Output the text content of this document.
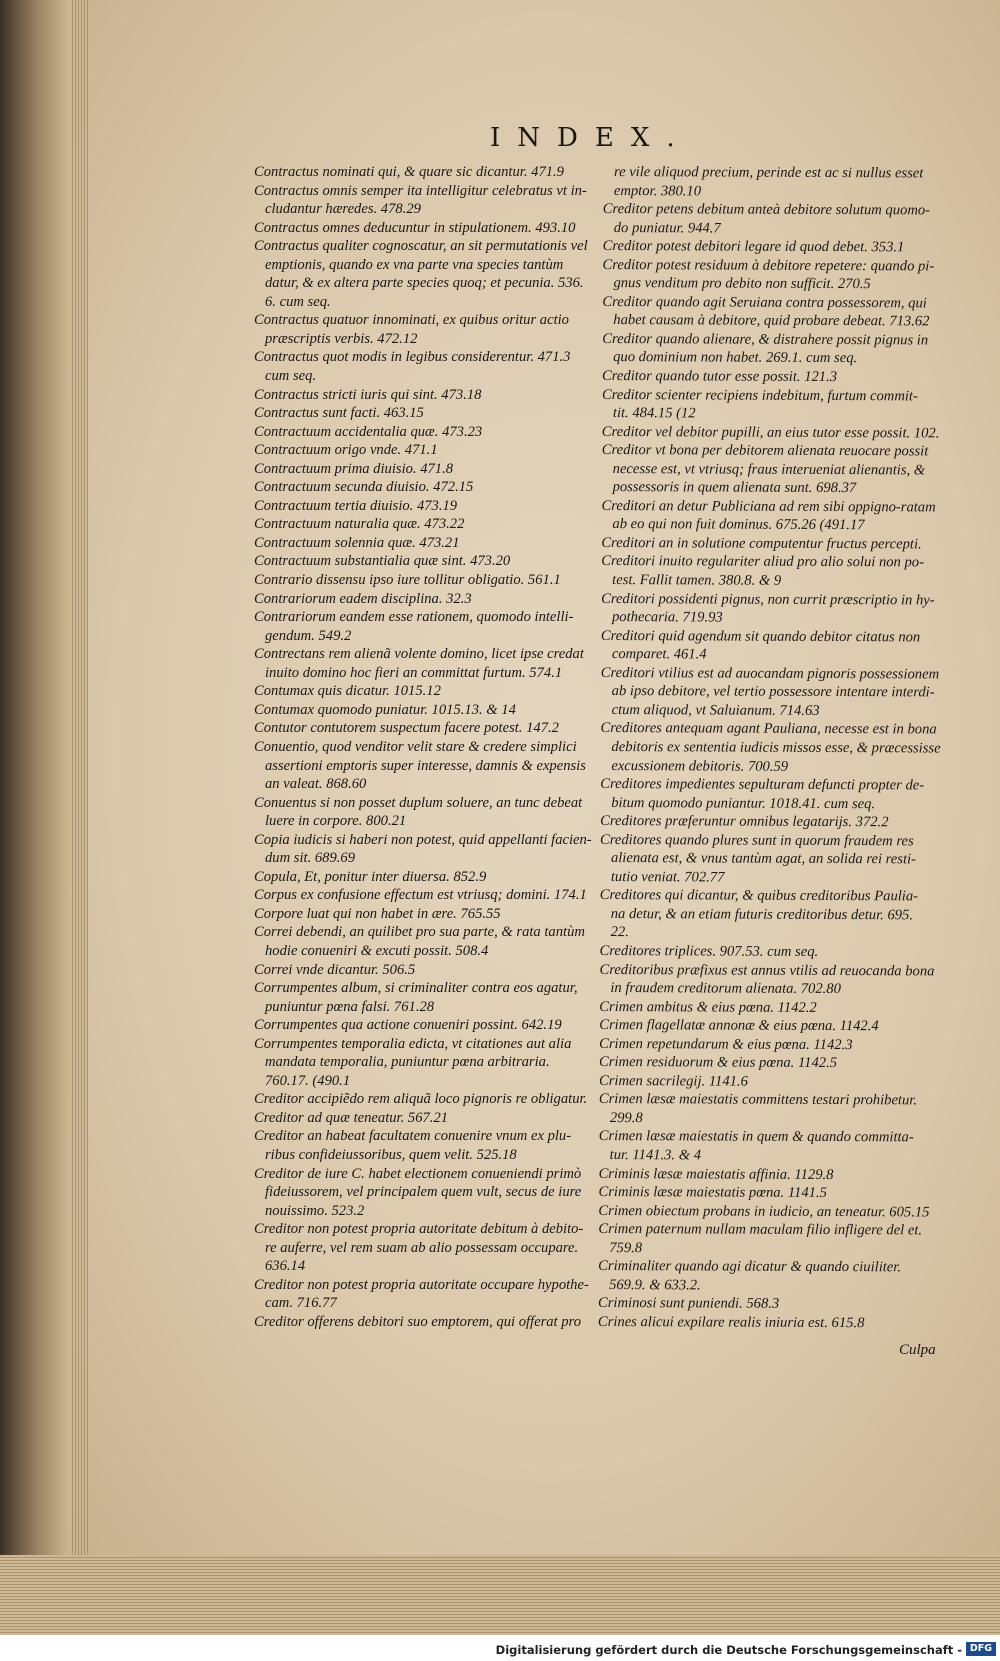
INDEX.
Contractus nominati qui, & quare sic dicantur. 471.9
Contractus omnis semper ita intelligitur celebratus vt in-
cludantur hæredes. 478.29
Contractus omnes deducuntur in stipulationem. 493.10
Contractus qualiter cognoscatur, an sit permutationis vel
emptionis, quando ex vna parte vna species tantùm
datur, & ex altera parte species quoq; et pecunia. 536.
6. cum seq.
Contractus quatuor innominati, ex quibus oritur actio
præscriptis verbis. 472.12
Contractus quot modis in legibus considerentur. 471.3
cum seq.
Contractus stricti iuris qui sint. 473.18
Contractus sunt facti. 463.15
Contractuum accidentalia quæ. 473.23
Contractuum origo vnde. 471.1
Contractuum prima diuisio. 471.8
Contractuum secunda diuisio. 472.15
Contractuum tertia diuisio. 473.19
Contractuum naturalia quæ. 473.22
Contractuum solennia quæ. 473.21
Contractuum substantialia quæ sint. 473.20
Contrario dissensu ipso iure tollitur obligatio. 561.1
Contrariorum eadem disciplina. 32.3
Contrariorum eandem esse rationem, quomodo intelli-
gendum. 549.2
Contrectans rem alienã volente domino, licet ipse credat
inuito domino hoc fieri an committat furtum. 574.1
Contumax quis dicatur. 1015.12
Contumax quomodo puniatur. 1015.13. & 14
Contutor contutorem suspectum facere potest. 147.2
Conuentio, quod venditor velit stare & credere simplici
assertioni emptoris super interesse, damnis & expensis
an valeat. 868.60
Conuentus si non posset duplum soluere, an tunc debeat
luere in corpore. 800.21
Copia iudicis si haberi non potest, quid appellanti facien-
dum sit. 689.69
Copula, Et, ponitur inter diuersa. 852.9
Corpus ex confusione effectum est vtriusq; domini. 174.1
Corpore luat qui non habet in ære. 765.55
Correi debendi, an quilibet pro sua parte, & rata tantùm
hodie conueniri & excuti possit. 508.4
Correi vnde dicantur. 506.5
Corrumpentes album, si criminaliter contra eos agatur,
puniuntur pœna falsi. 761.28
Corrumpentes qua actione conueniri possint. 642.19
Corrumpentes temporalia edicta, vt citationes aut alia
mandata temporalia, puniuntur pœna arbitraria.
760.17. (490.1
Creditor accipiẽdo rem aliquã loco pignoris re obligatur.
Creditor ad quæ teneatur. 567.21
Creditor an habeat facultatem conuenire vnum ex plu-
ribus confideiussoribus, quem velit. 525.18
Creditor de iure C. habet electionem conueniendi primò
fideiussorem, vel principalem quem vult, secus de iure
nouissimo. 523.2
Creditor non potest propria autoritate debitum à debito-
re auferre, vel rem suam ab alio possessam occupare.
636.14
Creditor non potest propria autoritate occupare hypothe-
cam. 716.77
Creditor offerens debitori suo emptorem, qui offerat pro
re vile aliquod precium, perinde est ac si nullus esset
emptor. 380.10
Creditor petens debitum anteà debitore solutum quomo-
do puniatur. 944.7
Creditor potest debitori legare id quod debet. 353.1
Creditor potest residuum à debitore repetere: quando pi-
gnus venditum pro debito non sufficit. 270.5
Creditor quando agit Seruiana contra possessorem, qui
habet causam à debitore, quid probare debeat. 713.62
Creditor quando alienare, & distrahere possit pignus in
quo dominium non habet. 269.1. cum seq.
Creditor quando tutor esse possit. 121.3
Creditor scienter recipiens indebitum, furtum commit-
tit. 484.15 (12
Creditor vel debitor pupilli, an eius tutor esse possit. 102.
Creditor vt bona per debitorem alienata reuocare possit
necesse est, vt vtriusq; fraus interueniat alienantis, &
possessoris in quem alienata sunt. 698.37
Creditori an detur Publiciana ad rem sibi oppigno-ratam
ab eo qui non fuit dominus. 675.26 (491.17
Creditori an in solutione computentur fructus percepti.
Creditori inuito regulariter aliud pro alio solui non po-
test. Fallit tamen. 380.8. & 9
Creditori possidenti pignus, non currit præscriptio in hy-
pothecaria. 719.93
Creditori quid agendum sit quando debitor citatus non
comparet. 461.4
Creditori vtilius est ad auocandam pignoris possessionem
ab ipso debitore, vel tertio possessore intentare interdi-
ctum aliquod, vt Saluianum. 714.63
Creditores antequam agant Pauliana, necesse est in bona
debitoris ex sententia iudicis missos esse, & præcessisse
excussionem debitoris. 700.59
Creditores impedientes sepulturam defuncti propter de-
bitum quomodo puniantur. 1018.41. cum seq.
Creditores præferuntur omnibus legatarijs. 372.2
Creditores quando plures sunt in quorum fraudem res
alienata est, & vnus tantùm agat, an solida rei resti-
tutio veniat. 702.77
Creditores qui dicantur, & quibus creditoribus Paulia-
na detur, & an etiam futuris creditoribus detur. 695.
22.
Creditores triplices. 907.53. cum seq.
Creditoribus præfixus est annus vtilis ad reuocanda bona
in fraudem creditorum alienata. 702.80
Crimen ambitus & eius pœna. 1142.2
Crimen flagellatæ annonæ & eius pœna. 1142.4
Crimen repetundarum & eius pœna. 1142.3
Crimen residuorum & eius pœna. 1142.5
Crimen sacrilegij. 1141.6
Crimen læsæ maiestatis committens testari prohibetur.
299.8
Crimen læsæ maiestatis in quem & quando committa-
tur. 1141.3. & 4
Criminis læsæ maiestatis affinia. 1129.8
Criminis læsæ maiestatis pœna. 1141.5
Crimen obiectum probans in iudicio, an teneatur. 605.15
Crimen paternum nullam maculam filio infligere del et.
759.8
Criminaliter quando agi dicatur & quando ciuiliter.
569.9. & 633.2.
Criminosi sunt puniendi. 568.3
Crines alicui expilare realis iniuria est. 615.8
Culpa
Digitalisierung gefördert durch die Deutsche Forschungsgemeinschaft - DFG
